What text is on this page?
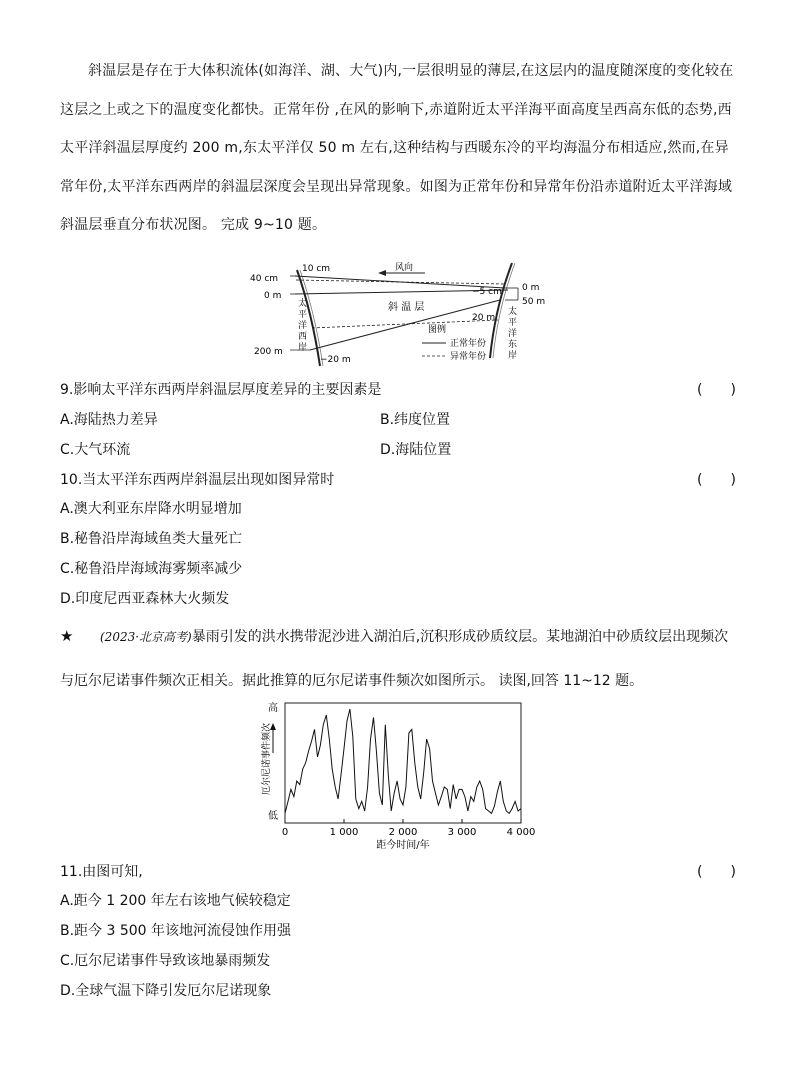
斜温层是存在于大体积流体(如海洋、湖、大气)内,一层很明显的薄层,在这层内的温度随深度的变化较在这层之上或之下的温度变化都快。正常年份 ,在风的影响下,赤道附近太平洋海平面高度呈西高东低的态势,西太平洋斜温层厚度约 200 m,东太平洋仅 50 m 左右,这种结构与西暖东冷的平均海温分布相适应,然而,在异常年份,太平洋东西两岸的斜温层深度会呈现出异常现象。如图为正常年份和异常年份沿赤道附近太平洋海域斜温层垂直分布状况图。 完成 9~10 题。
40 cm
0 m
200 m
10 cm
−20 m
−5 cm 0 m
50 m
20 m
风向
斜 温 层
图例
正常年份
异常年份
太
平
洋
西
岸
太
平
洋
东
岸
9.影响太平洋东西两岸斜温层厚度差异的主要因素是	(　　)
A.海陆热力差异	B.纬度位置
C.大气环流	D.海陆位置
10.当太平洋东西两岸斜温层出现如图异常时	(　　)
A.澳大利亚东岸降水明显增加
B.秘鲁沿岸海域鱼类大量死亡
C.秘鲁沿岸海域海雾频率减少
D.印度尼西亚森林大火频发
★ (2023·北京高考)暴雨引发的洪水携带泥沙进入湖泊后,沉积形成砂质纹层。某地湖泊中砂质纹层出现频次与厄尔尼诺事件频次正相关。据此推算的厄尔尼诺事件频次如图所示。 读图,回答 11~12 题。
0	1 000	2 000	3 000	4 000
高
低
厄尔尼诺事件频次
距今时间/年
11.由图可知,	(　　)
A.距今 1 200 年左右该地气候较稳定
B.距今 3 500 年该地河流侵蚀作用强
C.厄尔尼诺事件导致该地暴雨频发
D.全球气温下降引发厄尔尼诺现象
